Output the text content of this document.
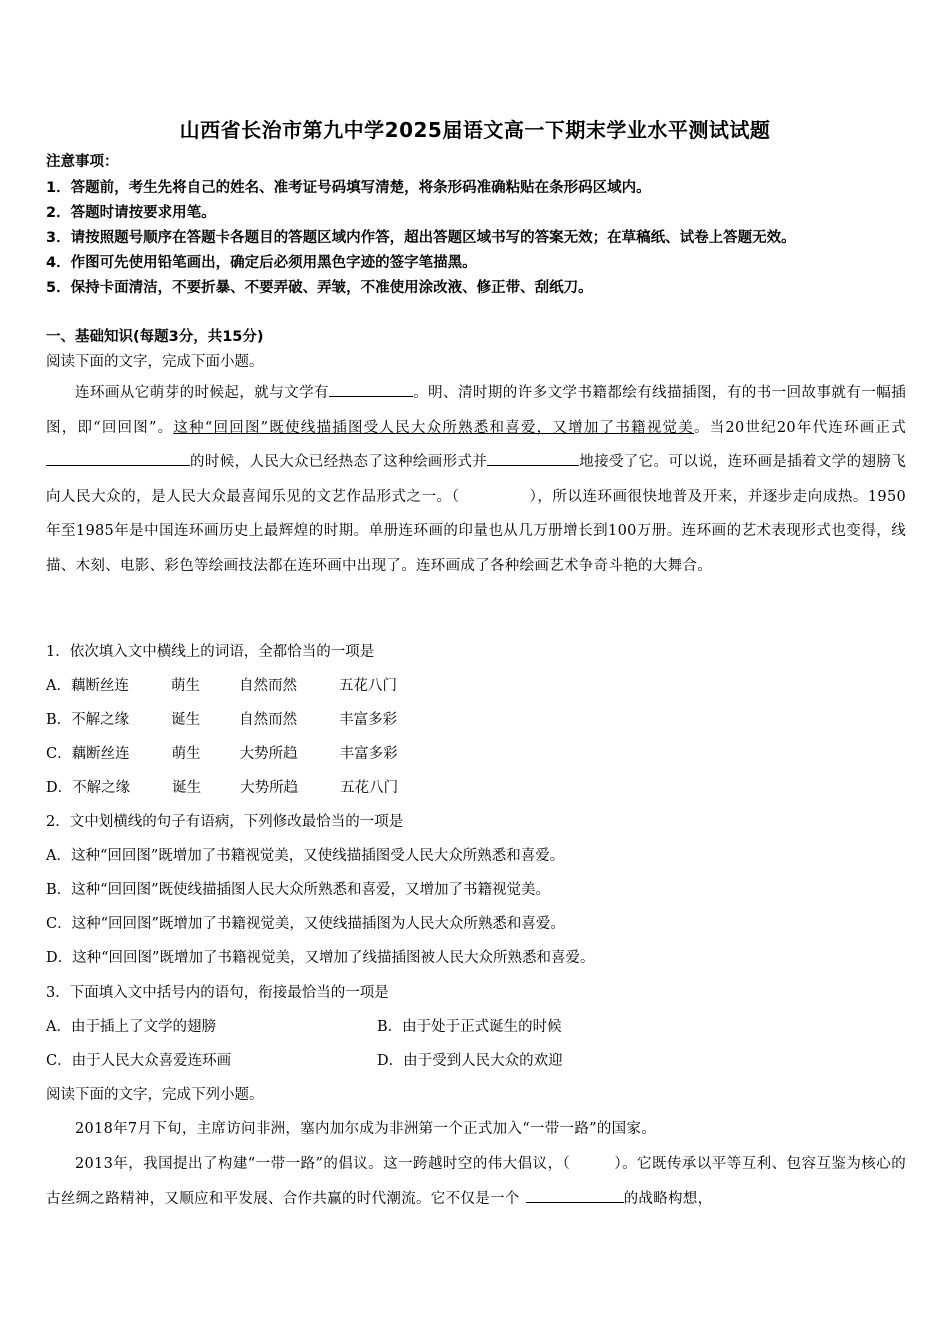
山西省长治市第九中学2025届语文高一下期末学业水平测试试题
注意事项：
1．答题前，考生先将自己的姓名、准考证号码填写清楚，将条形码准确粘贴在条形码区域内。
2．答题时请按要求用笔。
3．请按照题号顺序在答题卡各题目的答题区域内作答，超出答题区域书写的答案无效；在草稿纸、试卷上答题无效。
4．作图可先使用铅笔画出，确定后必须用黑色字迹的签字笔描黑。
5．保持卡面清洁，不要折暴、不要弄破、弄皱，不准使用涂改液、修正带、刮纸刀。
一、基础知识(每题3分，共15分)
阅读下面的文字，完成下面小题。
连环画从它萌芽的时候起，就与文学有	。明、清时期的许多文学书籍都绘有线描插图，有的书一回故事就有一幅插图，即“回回图”。这种“回回图”既使线描插图受人民大众所熟悉和喜爱，又增加了书籍视觉美。当20世纪20年代连环画正式的时候，人民大众已经热态了这种绘画形式并	地接受了它。可以说，连环画是插着文学的翅膀飞向人民大众的，是人民大众最喜闻乐见的文艺作品形式之一。（	），所以连环画很快地普及开来，并逐步走向成热。1950年至1985年是中国连环画历史上最辉煌的时期。单册连环画的印量也从几万册增长到100万册。连环画的艺术表现形式也变得，线描、木刻、电影、彩色等绘画技法都在连环画中出现了。连环画成了各种绘画艺术争奇斗艳的大舞合。
1．依次填入文中横线上的词语，全都恰当的一项是
A．藕断丝连	萌生	自然而然	五花八门
B．不解之缘	诞生	自然而然	丰富多彩
C．藕断丝连	萌生	大势所趋	丰富多彩
D．不解之缘	诞生	大势所趋	五花八门
2．文中划横线的句子有语病，下列修改最恰当的一项是
A．这种“回回图”既增加了书籍视觉美，又使线描插图受人民大众所熟悉和喜爱。
B．这种“回回图”既使线描插图人民大众所熟悉和喜爱，又增加了书籍视觉美。
C．这种“回回图”既增加了书籍视觉美，又使线描插图为人民大众所熟悉和喜爱。
D．这种“回回图”既增加了书籍视觉美，又增加了线描插图被人民大众所熟悉和喜爱。
3．下面填入文中括号内的语句，衔接最恰当的一项是
A．由于插上了文学的翅膀	B．由于处于正式诞生的时候
C．由于人民大众喜爱连环画	D．由于受到人民大众的欢迎
阅读下面的文字，完成下列小题。
2018年7月下旬，主席访问非洲，塞内加尔成为非洲第一个正式加入“一带一路”的国家。
2013年，我国提出了构建“一带一路”的倡议。这一跨越时空的伟大倡议，（	）。它既传承以平等互利、包容互鉴为核心的古丝绸之路精神，又顺应和平发展、合作共赢的时代潮流。它不仅是一个	的战略构想，
